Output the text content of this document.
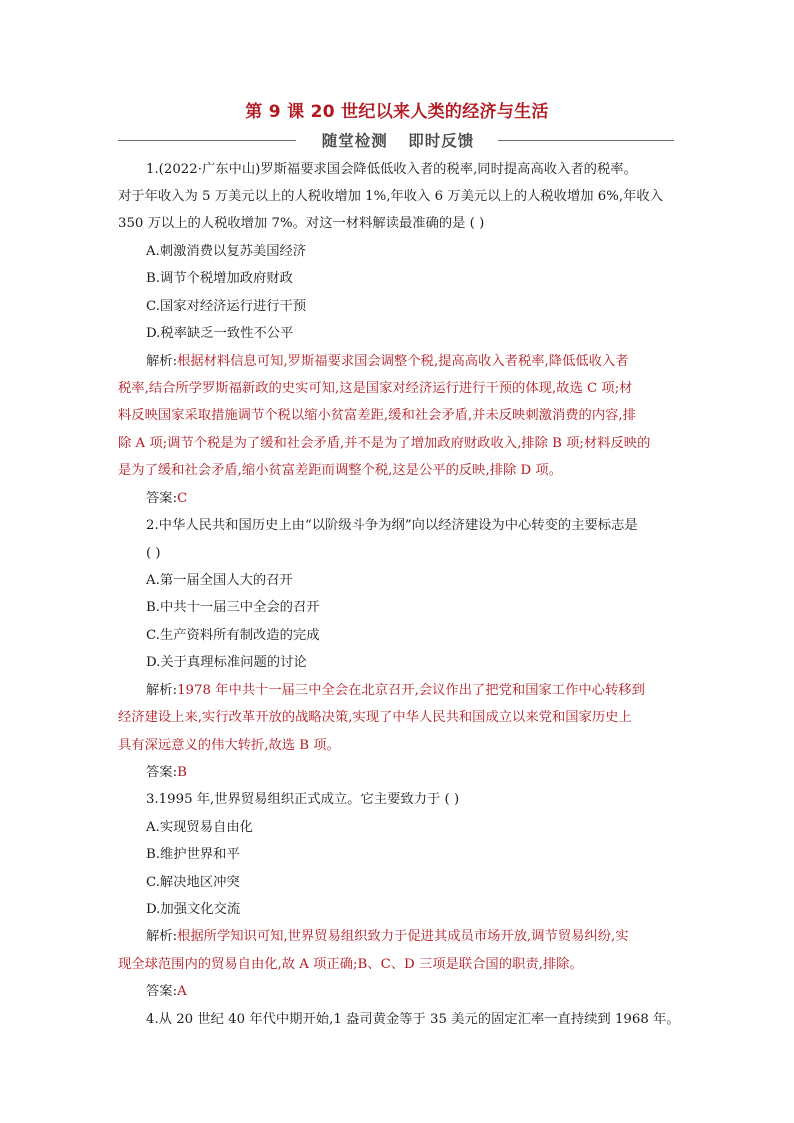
第 9 课 20 世纪以来人类的经济与生活
随堂检测 即时反馈
1.(2022·广东中山)罗斯福要求国会降低低收入者的税率,同时提高高收入者的税率。
对于年收入为 5 万美元以上的人税收增加 1%,年收入 6 万美元以上的人税收增加 6%,年收入
350 万以上的人税收增加 7%。对这一材料解读最准确的是 ( )
A.刺激消费以复苏美国经济
B.调节个税增加政府财政
C.国家对经济运行进行干预
D.税率缺乏一致性不公平
解析:根据材料信息可知,罗斯福要求国会调整个税,提高高收入者税率,降低低收入者
税率,结合所学罗斯福新政的史实可知,这是国家对经济运行进行干预的体现,故选 C 项;材
料反映国家采取措施调节个税以缩小贫富差距,缓和社会矛盾,并未反映刺激消费的内容,排
除 A 项;调节个税是为了缓和社会矛盾,并不是为了增加政府财政收入,排除 B 项;材料反映的
是为了缓和社会矛盾,缩小贫富差距而调整个税,这是公平的反映,排除 D 项。
答案:C
2.中华人民共和国历史上由“以阶级斗争为纲”向以经济建设为中心转变的主要标志是
( )
A.第一届全国人大的召开
B.中共十一届三中全会的召开
C.生产资料所有制改造的完成
D.关于真理标准问题的讨论
解析:1978 年中共十一届三中全会在北京召开,会议作出了把党和国家工作中心转移到
经济建设上来,实行改革开放的战略决策,实现了中华人民共和国成立以来党和国家历史上
具有深远意义的伟大转折,故选 B 项。
答案:B
3.1995 年,世界贸易组织正式成立。它主要致力于 ( )
A.实现贸易自由化
B.维护世界和平
C.解决地区冲突
D.加强文化交流
解析:根据所学知识可知,世界贸易组织致力于促进其成员市场开放,调节贸易纠纷,实
现全球范围内的贸易自由化,故 A 项正确;B、C、D 三项是联合国的职责,排除。
答案:A
4.从 20 世纪 40 年代中期开始,1 盎司黄金等于 35 美元的固定汇率一直持续到 1968 年。
